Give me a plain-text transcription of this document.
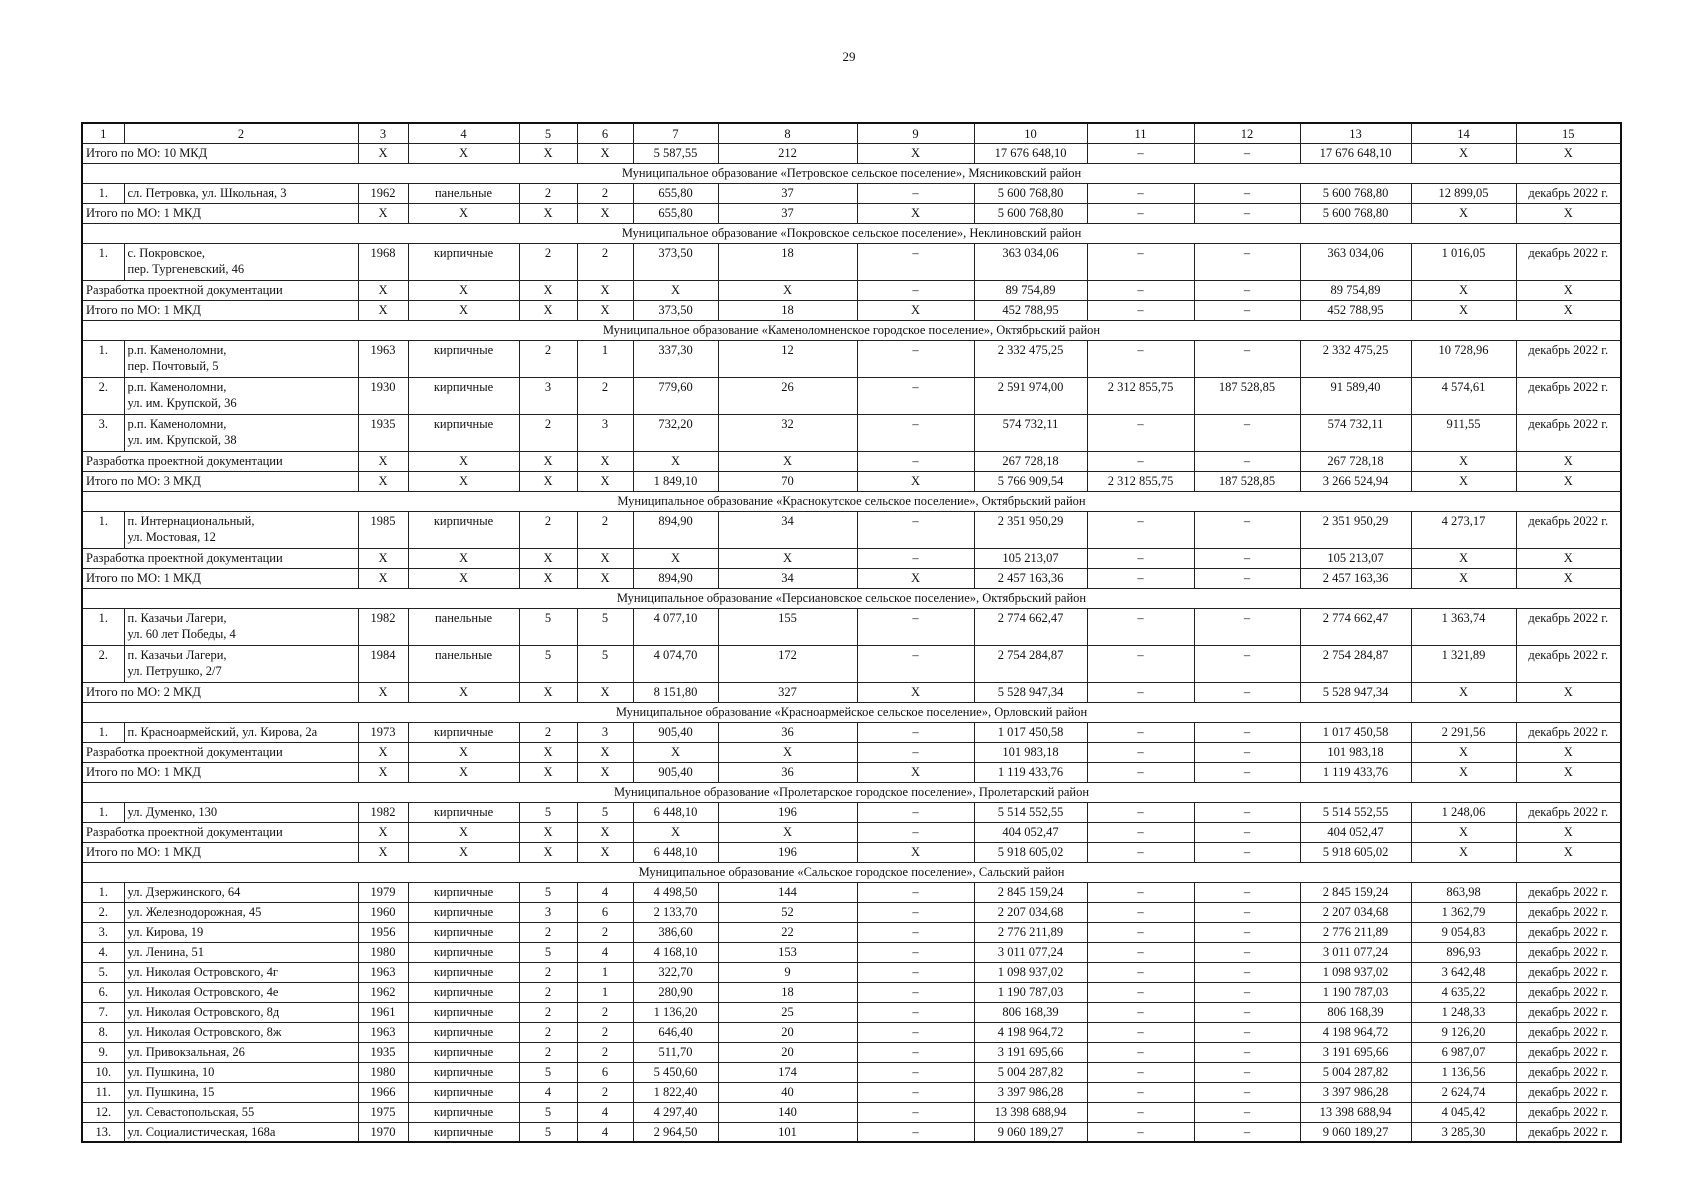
29
1	2	3	4	5	6	7	8	9	10	11	12	13	14	15
Итого по МО: 10 МКД		X	X	X	X	5 587,55	212	X	17 676 648,10	–	–	17 676 648,10	X	X
Муниципальное образование «Петровское сельское поселение», Мясниковский район														
1.	сл. Петровка, ул. Школьная, 3	1962	панельные	2	2	655,80	37	–	5 600 768,80	–	–	5 600 768,80	12 899,05	декабрь 2022 г.
Итого по МО: 1 МКД		X	X	X	X	655,80	37	X	5 600 768,80	–	–	5 600 768,80	X	X
Муниципальное образование «Покровское сельское поселение», Неклиновский район														
1.	с. Покровское,
пер. Тургеневский, 46	1968	кирпичные	2	2	373,50	18	–	363 034,06	–	–	363 034,06	1 016,05	декабрь 2022 г.
Разработка проектной документации		X	X	X	X	X	X	–	89 754,89	–	–	89 754,89	X	X
Итого по МО: 1 МКД		X	X	X	X	373,50	18	X	452 788,95	–	–	452 788,95	X	X
Муниципальное образование «Каменоломненское городское поселение», Октябрьский район														
1.	р.п. Каменоломни,
пер. Почтовый, 5	1963	кирпичные	2	1	337,30	12	–	2 332 475,25	–	–	2 332 475,25	10 728,96	декабрь 2022 г.
2.	р.п. Каменоломни,
ул. им. Крупской, 36	1930	кирпичные	3	2	779,60	26	–	2 591 974,00	2 312 855,75	187 528,85	91 589,40	4 574,61	декабрь 2022 г.
3.	р.п. Каменоломни,
ул. им. Крупской, 38	1935	кирпичные	2	3	732,20	32	–	574 732,11	–	–	574 732,11	911,55	декабрь 2022 г.
Разработка проектной документации		X	X	X	X	X	X	–	267 728,18	–	–	267 728,18	X	X
Итого по МО: 3 МКД		X	X	X	X	1 849,10	70	X	5 766 909,54	2 312 855,75	187 528,85	3 266 524,94	X	X
Муниципальное образование «Краснокутское сельское поселение», Октябрьский район														
1.	п. Интернациональный,
ул. Мостовая, 12	1985	кирпичные	2	2	894,90	34	–	2 351 950,29	–	–	2 351 950,29	4 273,17	декабрь 2022 г.
Разработка проектной документации		X	X	X	X	X	X	–	105 213,07	–	–	105 213,07	X	X
Итого по МО: 1 МКД		X	X	X	X	894,90	34	X	2 457 163,36	–	–	2 457 163,36	X	X
Муниципальное образование «Персиановское сельское поселение», Октябрьский район														
1.	п. Казачьи Лагери,
ул. 60 лет Победы, 4	1982	панельные	5	5	4 077,10	155	–	2 774 662,47	–	–	2 774 662,47	1 363,74	декабрь 2022 г.
2.	п. Казачьи Лагери,
ул. Петрушко, 2/7	1984	панельные	5	5	4 074,70	172	–	2 754 284,87	–	–	2 754 284,87	1 321,89	декабрь 2022 г.
Итого по МО: 2 МКД		X	X	X	X	8 151,80	327	X	5 528 947,34	–	–	5 528 947,34	X	X
Муниципальное образование «Красноармейское сельское поселение», Орловский район														
1.	п. Красноармейский, ул. Кирова, 2а	1973	кирпичные	2	3	905,40	36	–	1 017 450,58	–	–	1 017 450,58	2 291,56	декабрь 2022 г.
Разработка проектной документации		X	X	X	X	X	X	–	101 983,18	–	–	101 983,18	X	X
Итого по МО: 1 МКД		X	X	X	X	905,40	36	X	1 119 433,76	–	–	1 119 433,76	X	X
Муниципальное образование «Пролетарское городское поселение», Пролетарский район														
1.	ул. Думенко, 130	1982	кирпичные	5	5	6 448,10	196	–	5 514 552,55	–	–	5 514 552,55	1 248,06	декабрь 2022 г.
Разработка проектной документации		X	X	X	X	X	X	–	404 052,47	–	–	404 052,47	X	X
Итого по МО: 1 МКД		X	X	X	X	6 448,10	196	X	5 918 605,02	–	–	5 918 605,02	X	X
Муниципальное образование «Сальское городское поселение», Сальский район														
1.	ул. Дзержинского, 64	1979	кирпичные	5	4	4 498,50	144	–	2 845 159,24	–	–	2 845 159,24	863,98	декабрь 2022 г.
2.	ул. Железнодорожная, 45	1960	кирпичные	3	6	2 133,70	52	–	2 207 034,68	–	–	2 207 034,68	1 362,79	декабрь 2022 г.
3.	ул. Кирова, 19	1956	кирпичные	2	2	386,60	22	–	2 776 211,89	–	–	2 776 211,89	9 054,83	декабрь 2022 г.
4.	ул. Ленина, 51	1980	кирпичные	5	4	4 168,10	153	–	3 011 077,24	–	–	3 011 077,24	896,93	декабрь 2022 г.
5.	ул. Николая Островского, 4г	1963	кирпичные	2	1	322,70	9	–	1 098 937,02	–	–	1 098 937,02	3 642,48	декабрь 2022 г.
6.	ул. Николая Островского, 4е	1962	кирпичные	2	1	280,90	18	–	1 190 787,03	–	–	1 190 787,03	4 635,22	декабрь 2022 г.
7.	ул. Николая Островского, 8д	1961	кирпичные	2	2	1 136,20	25	–	806 168,39	–	–	806 168,39	1 248,33	декабрь 2022 г.
8.	ул. Николая Островского, 8ж	1963	кирпичные	2	2	646,40	20	–	4 198 964,72	–	–	4 198 964,72	9 126,20	декабрь 2022 г.
9.	ул. Привокзальная, 26	1935	кирпичные	2	2	511,70	20	–	3 191 695,66	–	–	3 191 695,66	6 987,07	декабрь 2022 г.
10.	ул. Пушкина, 10	1980	кирпичные	5	6	5 450,60	174	–	5 004 287,82	–	–	5 004 287,82	1 136,56	декабрь 2022 г.
11.	ул. Пушкина, 15	1966	кирпичные	4	2	1 822,40	40	–	3 397 986,28	–	–	3 397 986,28	2 624,74	декабрь 2022 г.
12.	ул. Севастопольская, 55	1975	кирпичные	5	4	4 297,40	140	–	13 398 688,94	–	–	13 398 688,94	4 045,42	декабрь 2022 г.
13.	ул. Социалистическая, 168а	1970	кирпичные	5	4	2 964,50	101	–	9 060 189,27	–	–	9 060 189,27	3 285,30	декабрь 2022 г.
